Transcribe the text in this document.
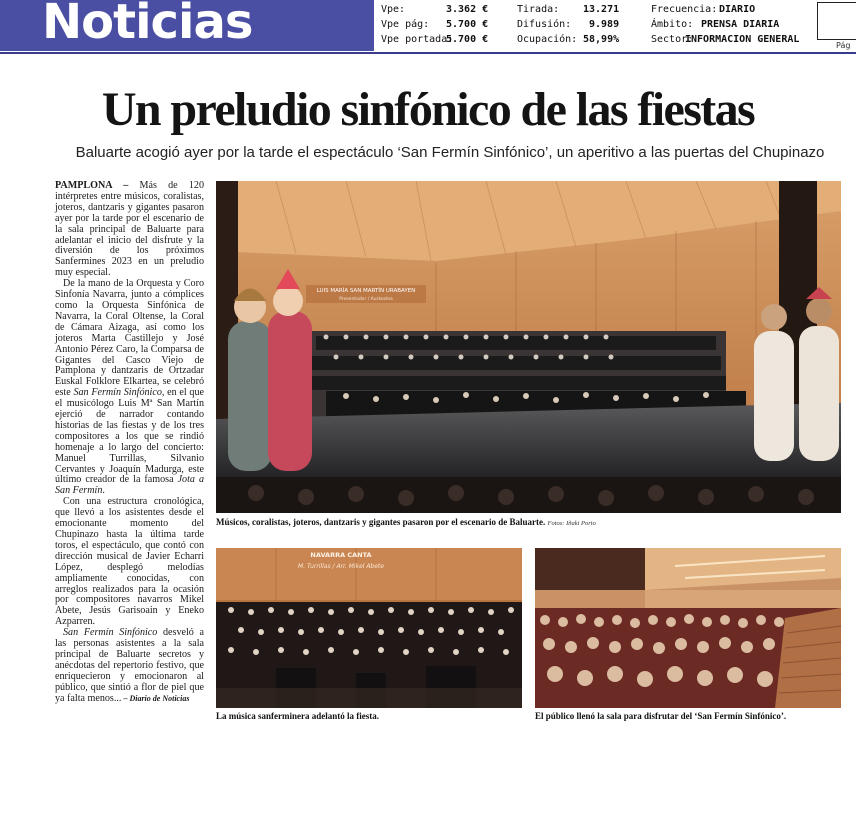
Noticias	Vpe:
Vpe pág:
Vpe portada:
3.362 €
5.700 €
5.700 €
Tirada:
Difusión:
Ocupación:
13.271
9.989
58,99%
Frecuencia:
Ámbito:
Sector:
DIARIO
PRENSA DIARIA
INFORMACION GENERAL
Pág
Un preludio sinfónico de las fiestas
Baluarte acogió ayer por la tarde el espectáculo ‘San Fermín Sinfónico’, un aperitivo a las puertas del Chupinazo

PAMPLONA – Más de 120 intérpretes entre músicos, coralistas, joteros, dantzaris y gigantes pasaron ayer por la tarde por el escenario de la sala principal de Baluarte para adelantar el inicio del disfrute y la diversión de los próximos Sanfermines 2023 en un preludio muy especial.

De la mano de la Orquesta y Coro Sinfonía Navarra, junto a cómplices como la Orquesta Sinfónica de Navarra, la Coral Oltense, la Coral de Cámara Aizaga, así como los joteros Marta Castillejo y José Antonio Pérez Caro, la Comparsa de Gigantes del Casco Viejo de Pamplona y dantzaris de Ortzadar Euskal Folklore Elkartea, se celebró este San Fermín Sinfónico, en el que el musicólogo Luis Mª San Martín ejerció de narrador contando historias de las fiestas y de los tres compositores a los que se rindió homenaje a lo largo del concierto: Manuel Turrillas, Silvanio Cervantes y Joaquín Madurga, este último creador de la famosa Jota a San Fermín.

Con una estructura cronológica, que llevó a los asistentes desde el emocionante momento del Chupinazo hasta la última tarde toros, el espectáculo, que contó con dirección musical de Javier Echarri López, desplegó melodías ampliamente conocidas, con arreglos realizados para la ocasión por compositores navarros Mikel Abete, Jesús Garisoain y Eneko Azparren.

San Fermín Sinfónico desveló a las personas asistentes a la sala principal de Baluarte secretos y anécdotas del repertorio festivo, que enriquecieron y emocionaron al público, que sintió a flor de piel que ya falta menos... – Diario de Noticias

LUIS MARÍA SAN MARTÍN URABAYEN
Presentador / Aurkezlea
Músicos, coralistas, joteros, dantzaris y gigantes pasaron por el escenario de Baluarte. Fotos: Iñaki Porto
NAVARRA CANTA
M. Turrillas / Arr. Mikel Abete
La música sanferminera adelantó la fiesta.	El público llenó la sala para disfrutar del ‘San Fermín Sinfónico’.
